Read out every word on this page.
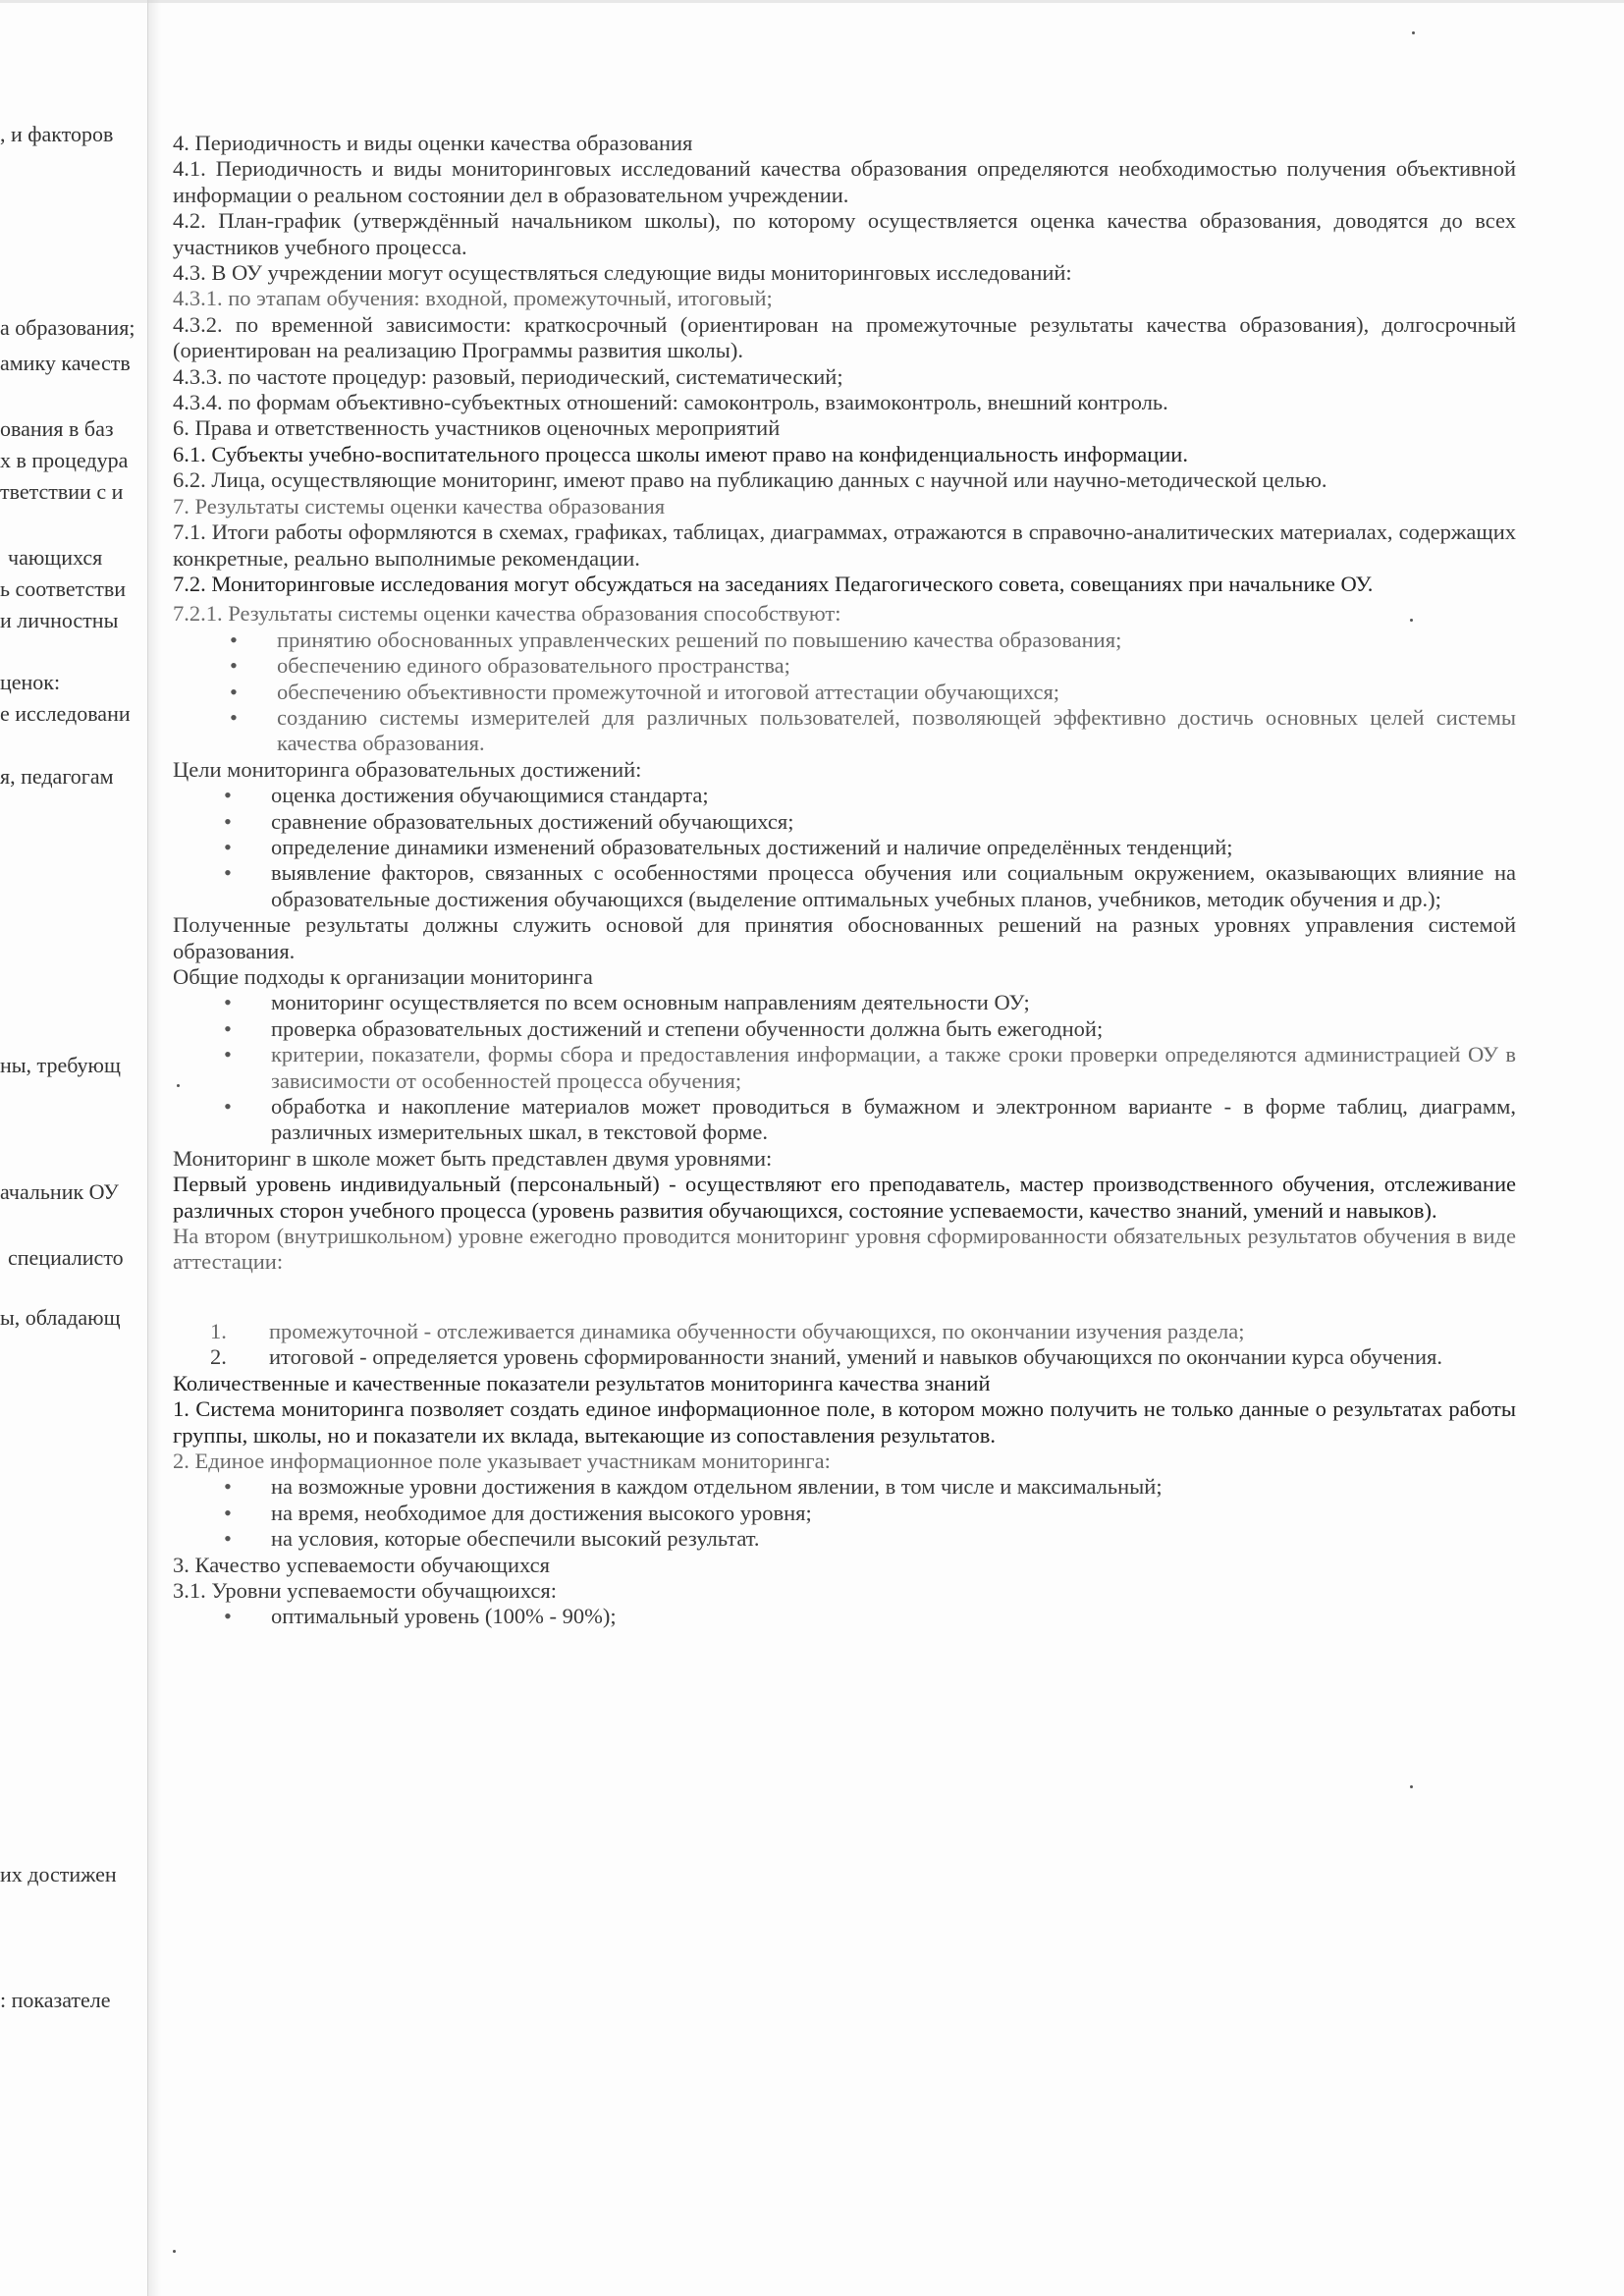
, и факторов
а образования;
амику качеств
ования в баз
х в процедура
тветствии с и
чающихся
ь соответстви
и личностны
ценок:
е исследовани
я, педагогам
ны, требующ
ачальник ОУ
специалисто
ы, обладающ
их достижен
: показателе

4. Периодичность и виды оценки качества образования

4.1. Периодичность и виды мониторинговых исследований качества образования определяются необходимостью получения объективной информации о реальном состоянии дел в образовательном учреждении.

4.2. План-график (утверждённый начальником школы), по которому осуществляется оценка качества образования, доводятся до всех участников учебного процесса.

4.3. В ОУ учреждении могут осуществляться следующие виды мониторинговых исследований:

4.3.1. по этапам обучения: входной, промежуточный, итоговый;

4.3.2. по временной зависимости: краткосрочный (ориентирован на промежуточные результаты качества образования), долгосрочный (ориентирован на реализацию Программы развития школы).

4.3.3. по частоте процедур: разовый, периодический, систематический;

4.3.4. по формам объективно-субъектных отношений: самоконтроль, взаимоконтроль, внешний контроль.

6. Права и ответственность участников оценочных мероприятий

6.1. Субъекты учебно-воспитательного процесса школы имеют право на конфиденциальность информации.

6.2. Лица, осуществляющие мониторинг, имеют право на публикацию данных с научной или научно-методической целью.

7. Результаты системы оценки качества образования

7.1. Итоги работы оформляются в схемах, графиках, таблицах, диаграммах, отражаются в справочно-аналитических материалах, содержащих конкретные, реально выполнимые рекомендации.

7.2. Мониторинговые исследования могут обсуждаться на заседаниях Педагогического совета, совещаниях при начальнике ОУ.

7.2.1. Результаты системы оценки качества образования способствуют:

• принятию обоснованных управленческих решений по повышению качества образования;
• обеспечению единого образовательного пространства;
• обеспечению объективности промежуточной и итоговой аттестации обучающихся;
• созданию системы измерителей для различных пользователей, позволяющей эффективно достичь основных целей системы качества образования.

Цели мониторинга образовательных достижений:

• оценка достижения обучающимися стандарта;
• сравнение образовательных достижений обучающихся;
• определение динамики изменений образовательных достижений и наличие определённых тенденций;
• выявление факторов, связанных с особенностями процесса обучения или социальным окружением, оказывающих влияние на образовательные достижения обучающихся (выделение оптимальных учебных планов, учебников, методик обучения и др.);

Полученные результаты должны служить основой для принятия обоснованных решений на разных уровнях управления системой образования.

Общие подходы к организации мониторинга

• мониторинг осуществляется по всем основным направлениям деятельности ОУ;
• проверка образовательных достижений и степени обученности должна быть ежегодной;
• критерии, показатели, формы сбора и предоставления информации, а также сроки проверки определяются администрацией ОУ в зависимости от особенностей процесса обучения;
• обработка и накопление материалов может проводиться в бумажном и электронном варианте - в форме таблиц, диаграмм, различных измерительных шкал, в текстовой форме.

Мониторинг в школе может быть представлен двумя уровнями:

Первый уровень индивидуальный (персональный) - осуществляют его преподаватель, мастер производственного обучения, отслеживание различных сторон учебного процесса (уровень развития обучающихся, состояние успеваемости, качество знаний, умений и навыков).

На втором (внутришкольном) уровне ежегодно проводится мониторинг уровня сформированности обязательных результатов обучения в виде аттестации:

1. промежуточной - отслеживается динамика обученности обучающихся, по окончании изучения раздела;
2. итоговой - определяется уровень сформированности знаний, умений и навыков обучающихся по окончании курса обучения.

Количественные и качественные показатели результатов мониторинга качества знаний

1. Система мониторинга позволяет создать единое информационное поле, в котором можно получить не только данные о результатах работы группы, школы, но и показатели их вклада, вытекающие из сопоставления результатов.

2. Единое информационное поле указывает участникам мониторинга:

• на возможные уровни достижения в каждом отдельном явлении, в том числе и максимальный;
• на время, необходимое для достижения высокого уровня;
• на условия, которые обеспечили высокий результат.

3. Качество успеваемости обучающихся

3.1. Уровни успеваемости обучащюихся:

• оптимальный уровень (100% - 90%);
